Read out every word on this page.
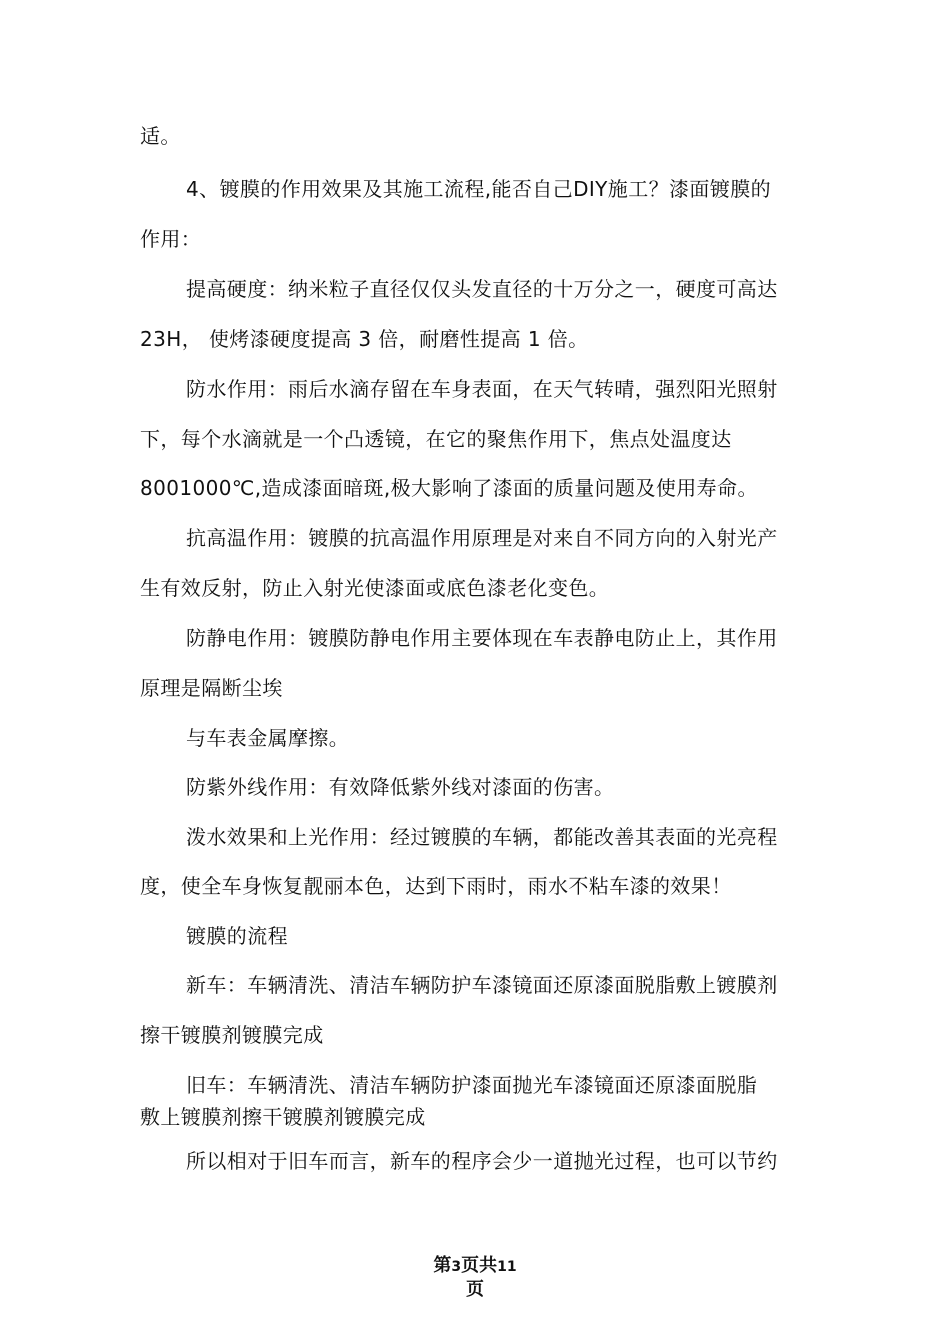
适。
4、镀膜的作用效果及其施工流程,能否自己DIY施工？漆面镀膜的
作用：
提高硬度：纳米粒子直径仅仅头发直径的十万分之一，硬度可高达
23H， 使烤漆硬度提高 3 倍，耐磨性提高 1 倍。
防水作用：雨后水滴存留在车身表面，在天气转晴，强烈阳光照射
下，每个水滴就是一个凸透镜，在它的聚焦作用下，焦点处温度达
8001000℃,造成漆面暗斑,极大影响了漆面的质量问题及使用寿命。
抗高温作用：镀膜的抗高温作用原理是对来自不同方向的入射光产
生有效反射，防止入射光使漆面或底色漆老化变色。
防静电作用：镀膜防静电作用主要体现在车表静电防止上，其作用
原理是隔断尘埃
与车表金属摩擦。
防紫外线作用：有效降低紫外线对漆面的伤害。
泼水效果和上光作用：经过镀膜的车辆，都能改善其表面的光亮程
度，使全车身恢复靓丽本色，达到下雨时，雨水不粘车漆的效果！
镀膜的流程
新车：车辆清洗、清洁车辆防护车漆镜面还原漆面脱脂敷上镀膜剂
擦干镀膜剂镀膜完成
旧车：车辆清洗、清洁车辆防护漆面抛光车漆镜面还原漆面脱脂
敷上镀膜剂擦干镀膜剂镀膜完成
所以相对于旧车而言，新车的程序会少一道抛光过程，也可以节约
第3页共11
页
